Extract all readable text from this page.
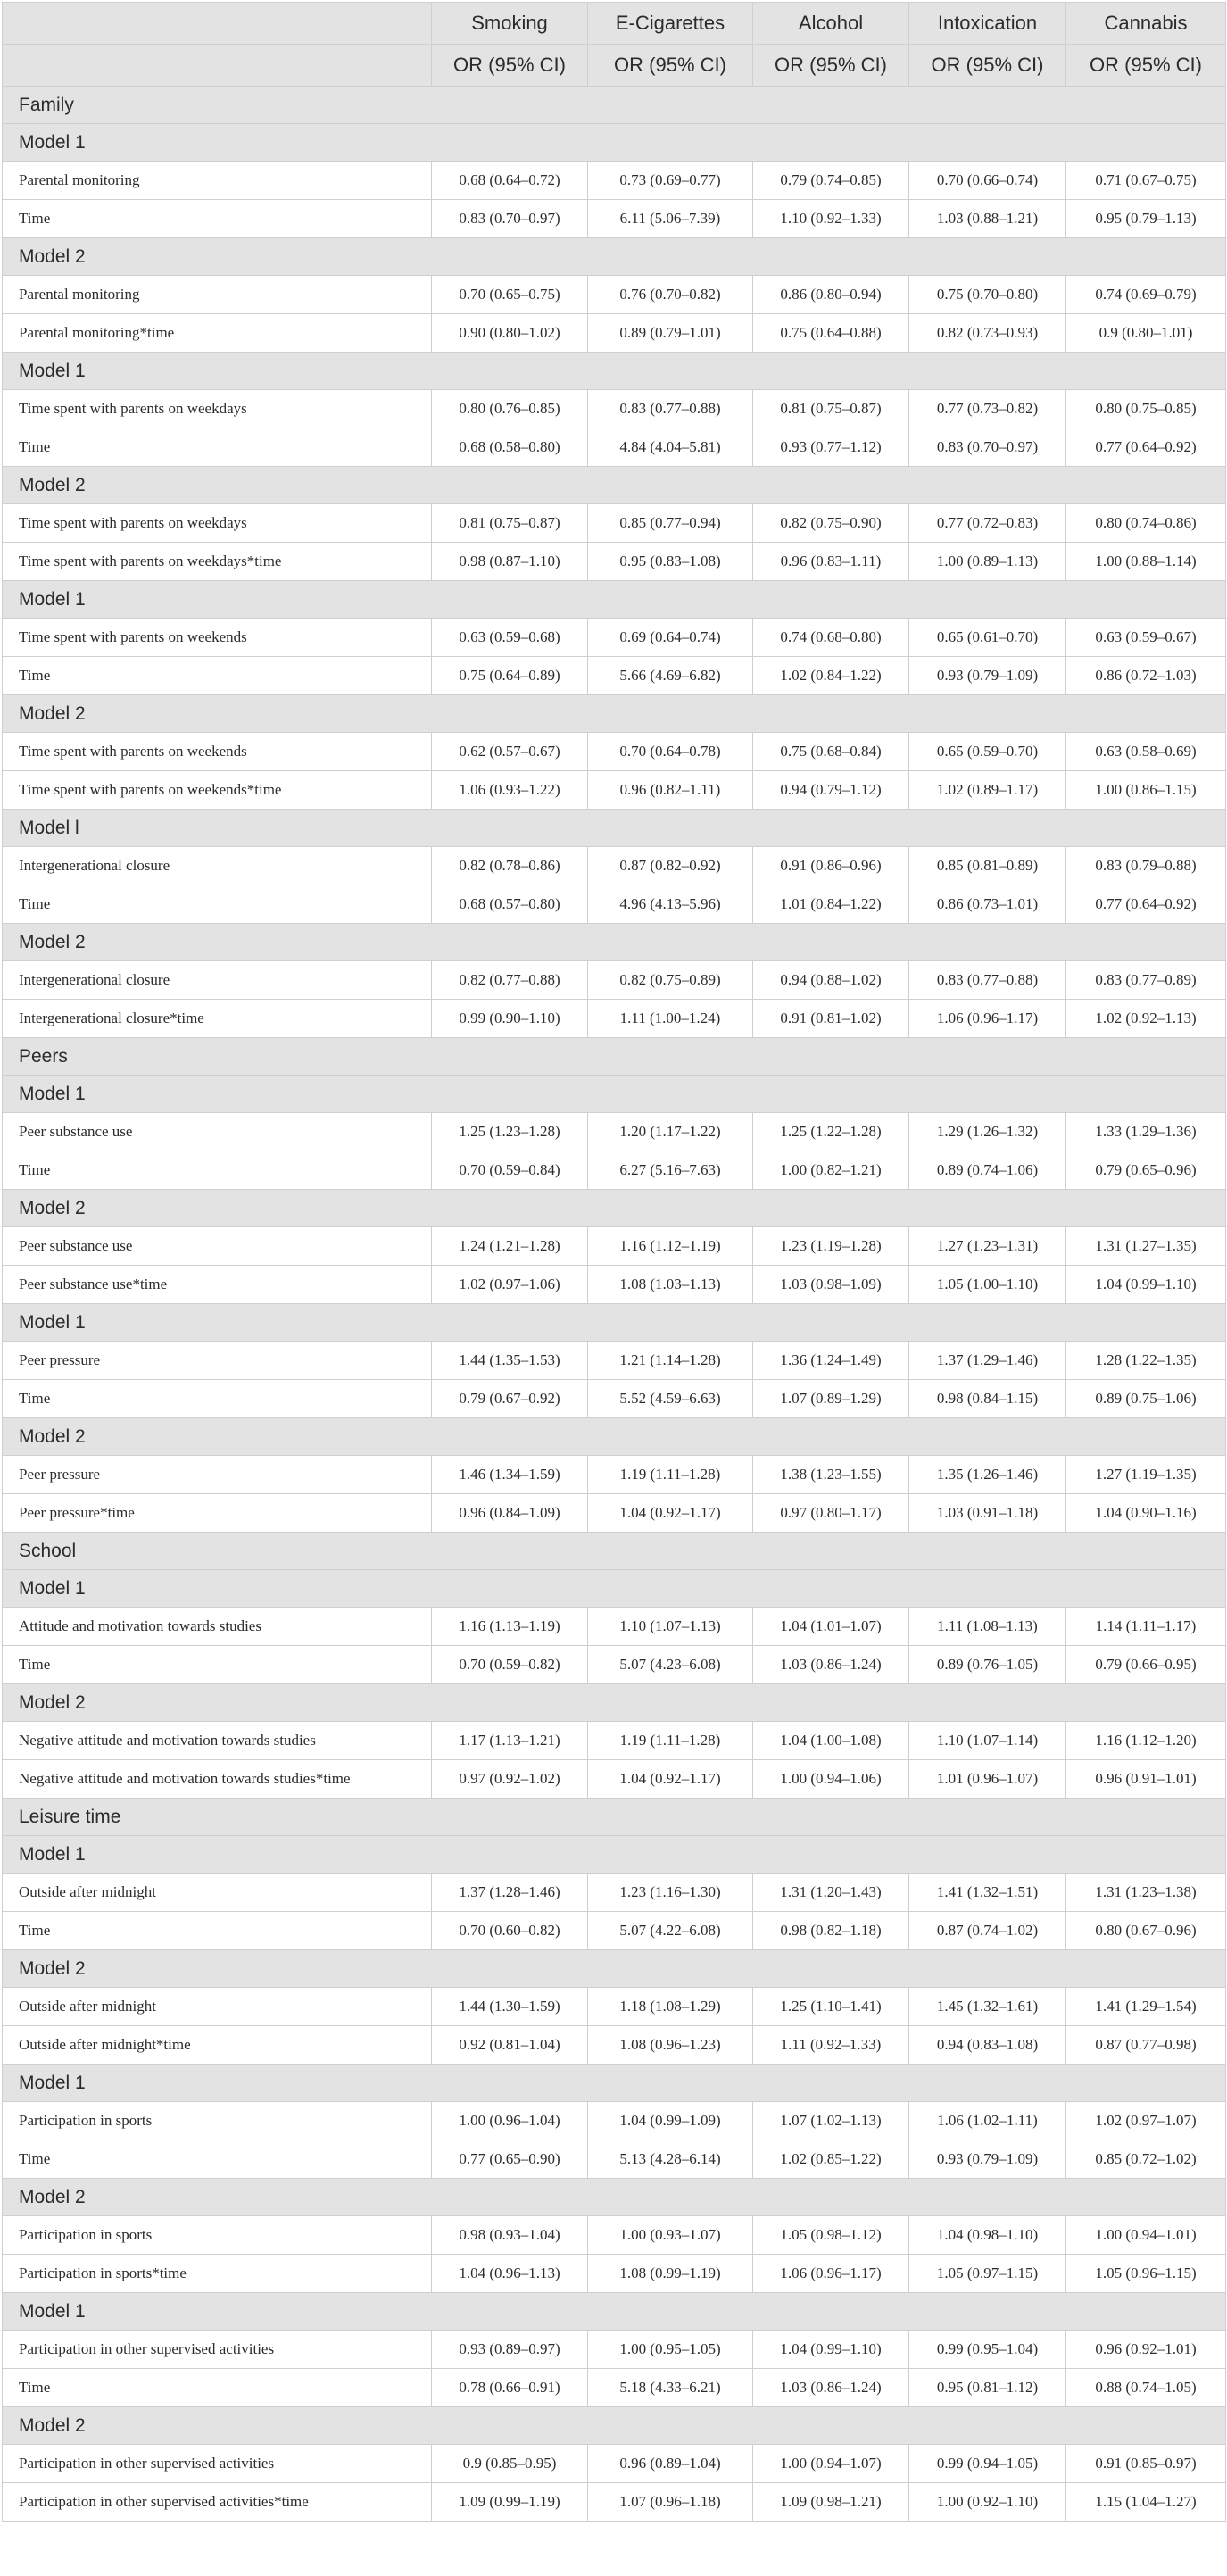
	Smoking	E-Cigarettes	Alcohol	Intoxication	Cannabis
	OR (95% CI)	OR (95% CI)	OR (95% CI)	OR (95% CI)	OR (95% CI)
Family					
Model 1					
Parental monitoring	0.68 (0.64–0.72)	0.73 (0.69–0.77)	0.79 (0.74–0.85)	0.70 (0.66–0.74)	0.71 (0.67–0.75)
Time	0.83 (0.70–0.97)	6.11 (5.06–7.39)	1.10 (0.92–1.33)	1.03 (0.88–1.21)	0.95 (0.79–1.13)
Model 2					
Parental monitoring	0.70 (0.65–0.75)	0.76 (0.70–0.82)	0.86 (0.80–0.94)	0.75 (0.70–0.80)	0.74 (0.69–0.79)
Parental monitoring*time	0.90 (0.80–1.02)	0.89 (0.79–1.01)	0.75 (0.64–0.88)	0.82 (0.73–0.93)	0.9 (0.80–1.01)
Model 1					
Time spent with parents on weekdays	0.80 (0.76–0.85)	0.83 (0.77–0.88)	0.81 (0.75–0.87)	0.77 (0.73–0.82)	0.80 (0.75–0.85)
Time	0.68 (0.58–0.80)	4.84 (4.04–5.81)	0.93 (0.77–1.12)	0.83 (0.70–0.97)	0.77 (0.64–0.92)
Model 2					
Time spent with parents on weekdays	0.81 (0.75–0.87)	0.85 (0.77–0.94)	0.82 (0.75–0.90)	0.77 (0.72–0.83)	0.80 (0.74–0.86)
Time spent with parents on weekdays*time	0.98 (0.87–1.10)	0.95 (0.83–1.08)	0.96 (0.83–1.11)	1.00 (0.89–1.13)	1.00 (0.88–1.14)
Model 1					
Time spent with parents on weekends	0.63 (0.59–0.68)	0.69 (0.64–0.74)	0.74 (0.68–0.80)	0.65 (0.61–0.70)	0.63 (0.59–0.67)
Time	0.75 (0.64–0.89)	5.66 (4.69–6.82)	1.02 (0.84–1.22)	0.93 (0.79–1.09)	0.86 (0.72–1.03)
Model 2					
Time spent with parents on weekends	0.62 (0.57–0.67)	0.70 (0.64–0.78)	0.75 (0.68–0.84)	0.65 (0.59–0.70)	0.63 (0.58–0.69)
Time spent with parents on weekends*time	1.06 (0.93–1.22)	0.96 (0.82–1.11)	0.94 (0.79–1.12)	1.02 (0.89–1.17)	1.00 (0.86–1.15)
Model l					
Intergenerational closure	0.82 (0.78–0.86)	0.87 (0.82–0.92)	0.91 (0.86–0.96)	0.85 (0.81–0.89)	0.83 (0.79–0.88)
Time	0.68 (0.57–0.80)	4.96 (4.13–5.96)	1.01 (0.84–1.22)	0.86 (0.73–1.01)	0.77 (0.64–0.92)
Model 2					
Intergenerational closure	0.82 (0.77–0.88)	0.82 (0.75–0.89)	0.94 (0.88–1.02)	0.83 (0.77–0.88)	0.83 (0.77–0.89)
Intergenerational closure*time	0.99 (0.90–1.10)	1.11 (1.00–1.24)	0.91 (0.81–1.02)	1.06 (0.96–1.17)	1.02 (0.92–1.13)
Peers					
Model 1					
Peer substance use	1.25 (1.23–1.28)	1.20 (1.17–1.22)	1.25 (1.22–1.28)	1.29 (1.26–1.32)	1.33 (1.29–1.36)
Time	0.70 (0.59–0.84)	6.27 (5.16–7.63)	1.00 (0.82–1.21)	0.89 (0.74–1.06)	0.79 (0.65–0.96)
Model 2					
Peer substance use	1.24 (1.21–1.28)	1.16 (1.12–1.19)	1.23 (1.19–1.28)	1.27 (1.23–1.31)	1.31 (1.27–1.35)
Peer substance use*time	1.02 (0.97–1.06)	1.08 (1.03–1.13)	1.03 (0.98–1.09)	1.05 (1.00–1.10)	1.04 (0.99–1.10)
Model 1					
Peer pressure	1.44 (1.35–1.53)	1.21 (1.14–1.28)	1.36 (1.24–1.49)	1.37 (1.29–1.46)	1.28 (1.22–1.35)
Time	0.79 (0.67–0.92)	5.52 (4.59–6.63)	1.07 (0.89–1.29)	0.98 (0.84–1.15)	0.89 (0.75–1.06)
Model 2					
Peer pressure	1.46 (1.34–1.59)	1.19 (1.11–1.28)	1.38 (1.23–1.55)	1.35 (1.26–1.46)	1.27 (1.19–1.35)
Peer pressure*time	0.96 (0.84–1.09)	1.04 (0.92–1.17)	0.97 (0.80–1.17)	1.03 (0.91–1.18)	1.04 (0.90–1.16)
School					
Model 1					
Attitude and motivation towards studies	1.16 (1.13–1.19)	1.10 (1.07–1.13)	1.04 (1.01–1.07)	1.11 (1.08–1.13)	1.14 (1.11–1.17)
Time	0.70 (0.59–0.82)	5.07 (4.23–6.08)	1.03 (0.86–1.24)	0.89 (0.76–1.05)	0.79 (0.66–0.95)
Model 2					
Negative attitude and motivation towards studies	1.17 (1.13–1.21)	1.19 (1.11–1.28)	1.04 (1.00–1.08)	1.10 (1.07–1.14)	1.16 (1.12–1.20)
Negative attitude and motivation towards studies*time	0.97 (0.92–1.02)	1.04 (0.92–1.17)	1.00 (0.94–1.06)	1.01 (0.96–1.07)	0.96 (0.91–1.01)
Leisure time					
Model 1					
Outside after midnight	1.37 (1.28–1.46)	1.23 (1.16–1.30)	1.31 (1.20–1.43)	1.41 (1.32–1.51)	1.31 (1.23–1.38)
Time	0.70 (0.60–0.82)	5.07 (4.22–6.08)	0.98 (0.82–1.18)	0.87 (0.74–1.02)	0.80 (0.67–0.96)
Model 2					
Outside after midnight	1.44 (1.30–1.59)	1.18 (1.08–1.29)	1.25 (1.10–1.41)	1.45 (1.32–1.61)	1.41 (1.29–1.54)
Outside after midnight*time	0.92 (0.81–1.04)	1.08 (0.96–1.23)	1.11 (0.92–1.33)	0.94 (0.83–1.08)	0.87 (0.77–0.98)
Model 1					
Participation in sports	1.00 (0.96–1.04)	1.04 (0.99–1.09)	1.07 (1.02–1.13)	1.06 (1.02–1.11)	1.02 (0.97–1.07)
Time	0.77 (0.65–0.90)	5.13 (4.28–6.14)	1.02 (0.85–1.22)	0.93 (0.79–1.09)	0.85 (0.72–1.02)
Model 2					
Participation in sports	0.98 (0.93–1.04)	1.00 (0.93–1.07)	1.05 (0.98–1.12)	1.04 (0.98–1.10)	1.00 (0.94–1.01)
Participation in sports*time	1.04 (0.96–1.13)	1.08 (0.99–1.19)	1.06 (0.96–1.17)	1.05 (0.97–1.15)	1.05 (0.96–1.15)
Model 1					
Participation in other supervised activities	0.93 (0.89–0.97)	1.00 (0.95–1.05)	1.04 (0.99–1.10)	0.99 (0.95–1.04)	0.96 (0.92–1.01)
Time	0.78 (0.66–0.91)	5.18 (4.33–6.21)	1.03 (0.86–1.24)	0.95 (0.81–1.12)	0.88 (0.74–1.05)
Model 2					
Participation in other supervised activities	0.9 (0.85–0.95)	0.96 (0.89–1.04)	1.00 (0.94–1.07)	0.99 (0.94–1.05)	0.91 (0.85–0.97)
Participation in other supervised activities*time	1.09 (0.99–1.19)	1.07 (0.96–1.18)	1.09 (0.98–1.21)	1.00 (0.92–1.10)	1.15 (1.04–1.27)
